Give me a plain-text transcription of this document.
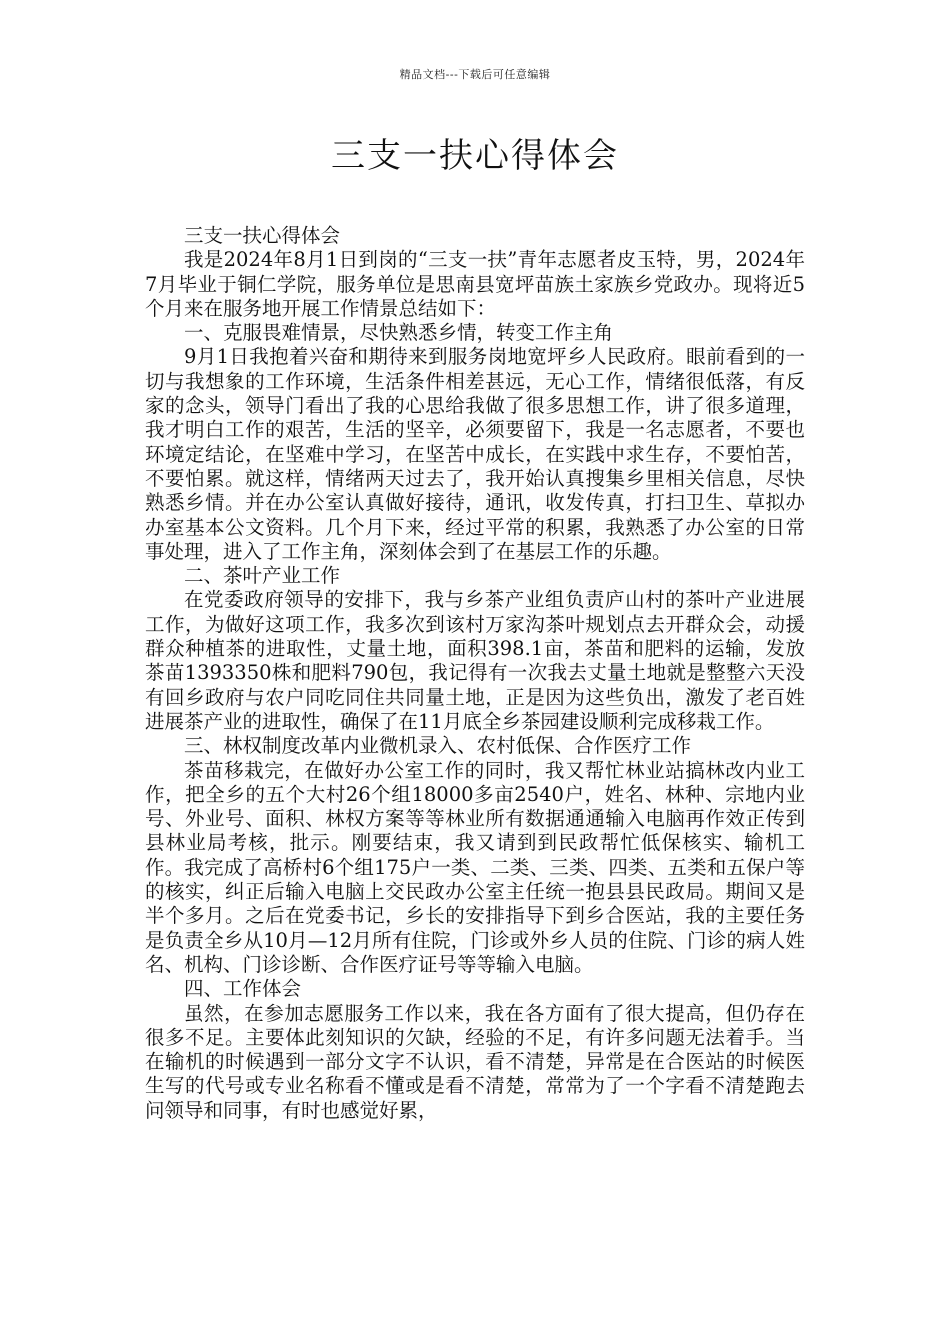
精品文档---下载后可任意编辑
三支一扶心得体会

三支一扶心得体会

我是2024年8月1日到岗的“三支一扶”青年志愿者皮玉特，男，2024年7月毕业于铜仁学院，服务单位是思南县宽坪苗族土家族乡党政办。现将近5个月来在服务地开展工作情景总结如下：

一、克服畏难情景，尽快熟悉乡情，转变工作主角

9月1日我抱着兴奋和期待来到服务岗地宽坪乡人民政府。眼前看到的一切与我想象的工作环境，生活条件相差甚远，无心工作，情绪很低落，有反家的念头，领导门看出了我的心思给我做了很多思想工作，讲了很多道理，我才明白工作的艰苦，生活的坚辛，必须要留下，我是一名志愿者，不要也环境定结论，在坚难中学习，在坚苦中成长，在实践中求生存，不要怕苦，不要怕累。就这样，情绪两天过去了，我开始认真搜集乡里相关信息，尽快熟悉乡情。并在办公室认真做好接待，通讯，收发传真，打扫卫生、草拟办办室基本公文资料。几个月下来，经过平常的积累，我熟悉了办公室的日常事处理，进入了工作主角，深刻体会到了在基层工作的乐趣。

二、茶叶产业工作

在党委政府领导的安排下，我与乡茶产业组负责庐山村的茶叶产业进展工作，为做好这项工作，我多次到该村万家沟茶叶规划点去开群众会，动援群众种植茶的进取性，丈量土地，面积398.1亩，茶苗和肥料的运输，发放茶苗1393350株和肥料790包，我记得有一次我去丈量土地就是整整六天没有回乡政府与农户同吃同住共同量土地，正是因为这些负出，激发了老百姓进展茶产业的进取性，确保了在11月底全乡茶园建设顺利完成移栽工作。

三、林权制度改革内业微机录入、农村低保、合作医疗工作

茶苗移栽完，在做好办公室工作的同时，我又帮忙林业站搞林改内业工作，把全乡的五个大村26个组18000多亩2540户，姓名、林种、宗地内业号、外业号、面积、林权方案等等林业所有数据通通输入电脑再作效正传到县林业局考核，批示。刚要结束，我又请到到民政帮忙低保核实、输机工作。我完成了高桥村6个组175户一类、二类、三类、四类、五类和五保户等的核实，纠正后输入电脑上交民政办公室主任统一抱县县民政局。期间又是半个多月。之后在党委书记，乡长的安排指导下到乡合医站，我的主要任务是负责全乡从10月—12月所有住院，门诊或外乡人员的住院、门诊的病人姓名、机构、门诊诊断、合作医疗证号等等输入电脑。

四、工作体会

虽然，在参加志愿服务工作以来，我在各方面有了很大提高，但仍存在很多不足。主要体此刻知识的欠缺，经验的不足，有许多问题无法着手。当在输机的时候遇到一部分文字不认识，看不清楚，异常是在合医站的时候医生写的代号或专业名称看不懂或是看不清楚，常常为了一个字看不清楚跑去问领导和同事，有时也感觉好累，
